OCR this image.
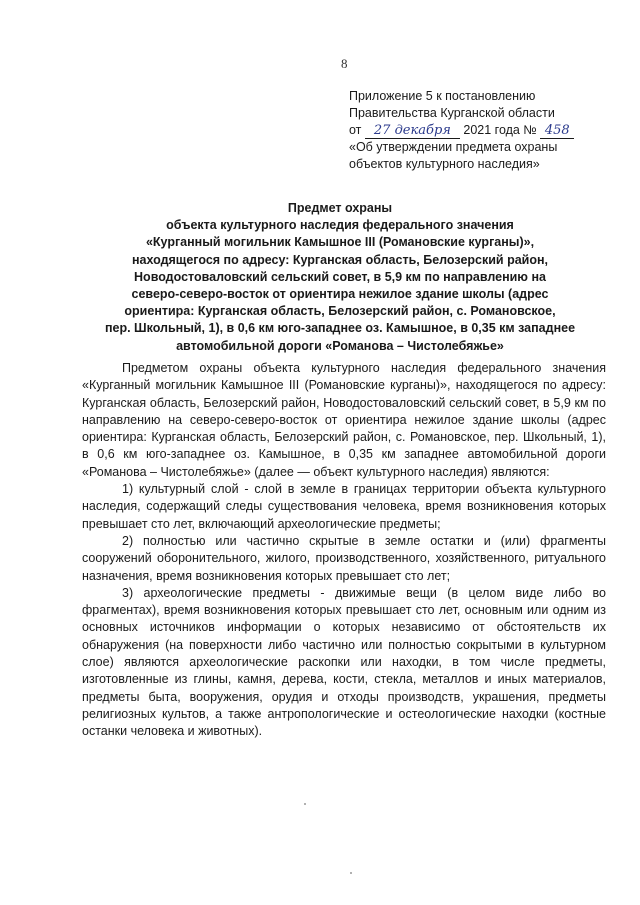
8
Приложение 5 к постановлению
Правительства Курганской области
от 27 декабря 2021 года № 458
«Об утверждении предмета охраны
объектов культурного наследия»
Предмет охраны
объекта культурного наследия федерального значения
«Курганный могильник Камышное III (Романовские курганы)»,
находящегося по адресу: Курганская область, Белозерский район,
Новодостоваловский сельский совет, в 5,9 км по направлению на
северо-северо-восток от ориентира нежилое здание школы (адрес
ориентира: Курганская область, Белозерский район, с. Романовское,
пер. Школьный, 1), в 0,6 км юго-западнее оз. Камышное, в 0,35 км западнее
автомобильной дороги «Романова – Чистолебяжье»

Предметом охраны объекта культурного наследия федерального значения «Курганный могильник Камышное III (Романовские курганы)», находящегося по адресу: Курганская область, Белозерский район, Новодостоваловский сельский совет, в 5,9 км по направлению на северо-северо-восток от ориентира нежилое здание школы (адрес ориентира: Курганская область, Белозерский район, с. Романовское, пер. Школьный, 1), в 0,6 км юго-западнее оз. Камышное, в 0,35 км западнее автомобильной дороги «Романова – Чистолебяжье» (далее — объект культурного наследия) являются:

1) культурный слой - слой в земле в границах территории объекта культурного наследия, содержащий следы существования человека, время возникновения которых превышает сто лет, включающий археологические предметы;

2) полностью или частично скрытые в земле остатки и (или) фрагменты сооружений оборонительного, жилого, производственного, хозяйственного, ритуального назначения, время возникновения которых превышает сто лет;

3) археологические предметы - движимые вещи (в целом виде либо во фрагментах), время возникновения которых превышает сто лет, основным или одним из основных источников информации о которых независимо от обстоятельств их обнаружения (на поверхности либо частично или полностью сокрытыми в культурном слое) являются археологические раскопки или находки, в том числе предметы, изготовленные из глины, камня, дерева, кости, стекла, металлов и иных материалов, предметы быта, вооружения, орудия и отходы производств, украшения, предметы религиозных культов, а также антропологические и остеологические находки (костные останки человека и животных).
